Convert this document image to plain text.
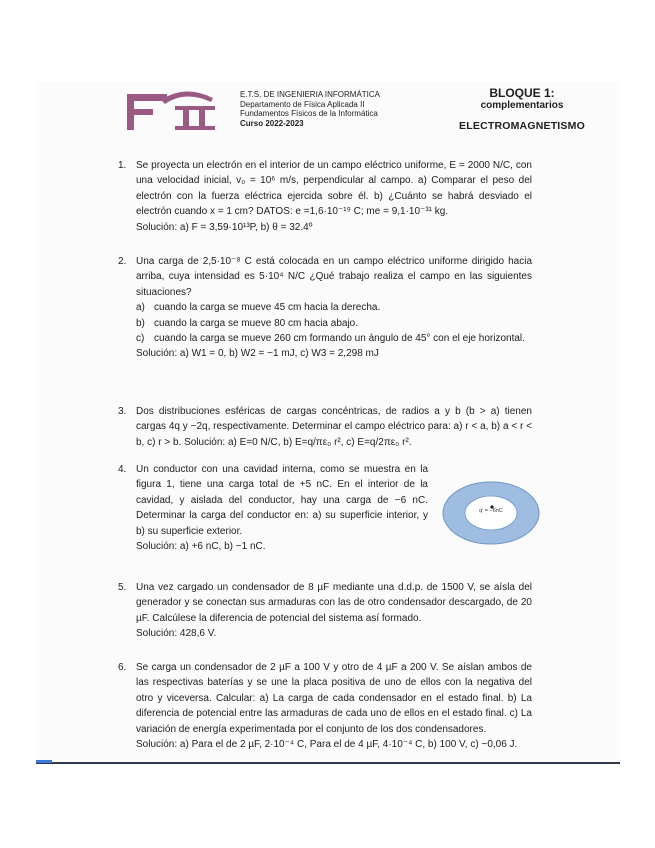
E.T.S. DE INGENIERIA INFORMÁTICA
Departamento de Física Aplicada II
Fundamentos Físicos de la Informática
Curso 2022-2023
BLOQUE 1:
complementarios
ELECTROMAGNETISMO
1. Se proyecta un electrón en el interior de un campo eléctrico uniforme, E = 2000 N/C, con una velocidad inicial, v₀ = 10⁶ m/s, perpendicular al campo. a) Comparar el peso del electrón con la fuerza eléctrica ejercida sobre él. b) ¿Cuánto se habrá desviado el electrón cuando x = 1 cm? DATOS: e =1,6·10⁻¹⁹ C; me = 9,1·10⁻³¹ kg.
Solución: a) F = 3,59·10¹³P, b) θ = 32.4º
2. Una carga de 2,5·10⁻⁸ C está colocada en un campo eléctrico uniforme dirigido hacia arriba, cuya intensidad es 5·10⁴ N/C ¿Qué trabajo realiza el campo en las siguientes situaciones?
a) cuando la carga se mueve 45 cm hacia la derecha.
b) cuando la carga se mueve 80 cm hacia abajo.
c) cuando la carga se mueve 260 cm formando un ángulo de 45° con el eje horizontal.
Solución: a) W1 = 0, b) W2 = −1 mJ, c) W3 = 2,298 mJ
3. Dos distribuciones esféricas de cargas concéntricas, de radios a y b (b > a) tienen cargas 4q y −2q, respectivamente. Determinar el campo eléctrico para: a) r < a, b) a < r < b, c) r > b. Solución: a) E=0 N/C, b) E=q/πε₀ r², c) E=q/2πε₀ r².
4. Un conductor con una cavidad interna, como se muestra en la figura 1, tiene una carga total de +5 nC. En el interior de la cavidad, y aislada del conductor, hay una carga de −6 nC. Determinar la carga del conductor en: a) su superficie interior, y b) su superficie exterior.
Solución: a) +6 nC, b) −1 nC.
q' = −6nC
5. Una vez cargado un condensador de 8 µF mediante una d.d.p. de 1500 V, se aísla del generador y se conectan sus armaduras con las de otro condensador descargado, de 20 µF. Calcúlese la diferencia de potencial del sistema así formado.
Solución: 428,6 V.
6. Se carga un condensador de 2 µF a 100 V y otro de 4 µF a 200 V. Se aíslan ambos de las respectivas baterías y se une la placa positiva de uno de ellos con la negativa del otro y viceversa. Calcular: a) La carga de cada condensador en el estado final. b) La diferencia de potencial entre las armaduras de cada uno de ellos en el estado final. c) La variación de energía experimentada por el conjunto de los dos condensadores.
Solución: a) Para el de 2 µF, 2·10⁻⁴ C, Para el de 4 µF, 4·10⁻⁴ C, b) 100 V, c) −0,06 J.
